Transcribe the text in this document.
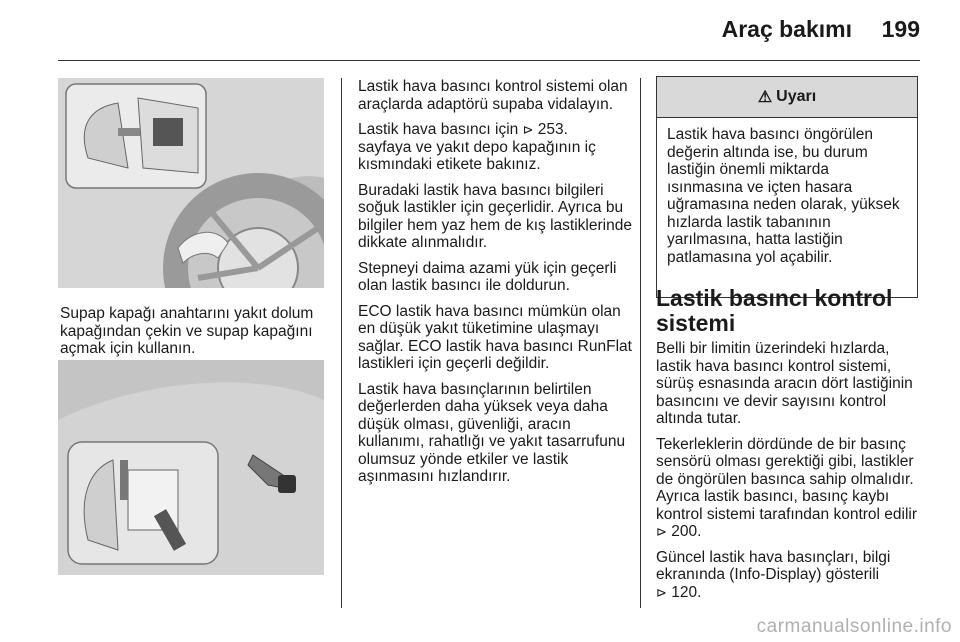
Araç bakımı 199
Supap kapağı anahtarını yakıt dolum kapağından çekin ve supap kapağını açmak için kullanın.

Lastik hava basıncı kontrol sistemi olan araçlarda adaptörü supaba vidalayın.

Lastik hava basıncı için ⊳ 253.
sayfaya ve yakıt depo kapağının iç kısmındaki etikete bakınız.

Buradaki lastik hava basıncı bilgileri soğuk lastikler için geçerlidir. Ayrıca bu bilgiler hem yaz hem de kış lastiklerinde dikkate alınmalıdır.

Stepneyi daima azami yük için geçerli olan lastik basıncı ile doldurun.

ECO lastik hava basıncı mümkün olan en düşük yakıt tüketimine ulaşmayı sağlar. ECO lastik hava basıncı RunFlat lastikleri için geçerli değildir.

Lastik hava basınçlarının belirtilen değerlerden daha yüksek veya daha düşük olması, güvenliği, aracın kullanımı, rahatlığı ve yakıt tasarrufunu olumsuz yönde etkiler ve lastik aşınmasını hızlandırır.

⚠ Uyarı
Lastik hava basıncı öngörülen değerin altında ise, bu durum lastiğin önemli miktarda ısınmasına ve içten hasara uğramasına neden olarak, yüksek hızlarda lastik tabanının yarılmasına, hatta lastiğin patlamasına yol açabilir.
Lastik basıncı kontrol sistemi

Belli bir limitin üzerindeki hızlarda, lastik hava basıncı kontrol sistemi, sürüş esnasında aracın dört lastiğinin basıncını ve devir sayısını kontrol altında tutar.

Tekerleklerin dördünde de bir basınç sensörü olması gerektiği gibi, lastikler de öngörülen basınca sahip olmalıdır. Ayrıca lastik basıncı, basınç kaybı kontrol sistemi tarafından kontrol edilir ⊳ 200.

Güncel lastik hava basınçları, bilgi ekranında (Info-Display) gösterili
⊳ 120.

carmanualsonline.info
